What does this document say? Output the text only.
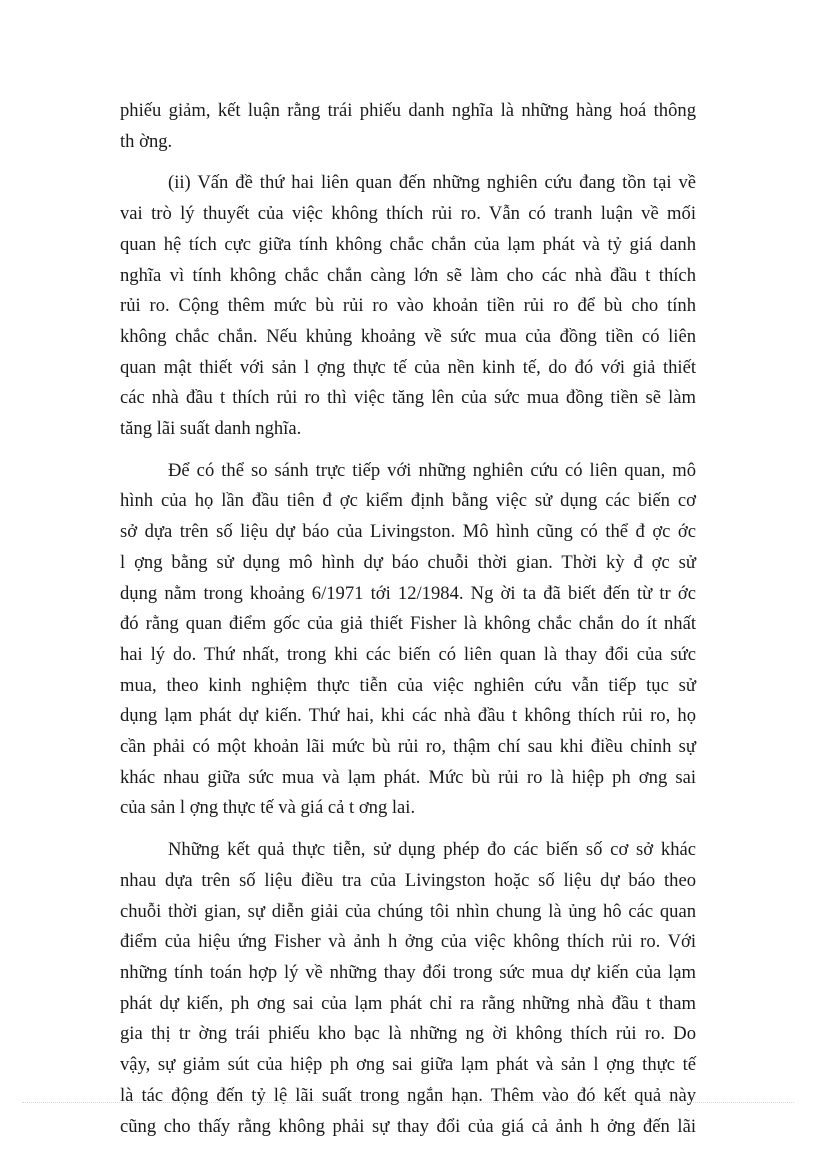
phiếu giảm, kết luận rằng trái phiếu danh nghĩa là những hàng hoá thông
th ờng.

(ii) Vấn đề thứ hai liên quan đến những nghiên cứu đang tồn tại về
vai trò lý thuyết của việc không thích rủi ro. Vẫn có tranh luận về mối
quan hệ tích cực giữa tính không chắc chắn của lạm phát và tỷ giá danh
nghĩa vì tính không chắc chắn càng lớn sẽ làm cho các nhà đầu t thích
rủi ro. Cộng thêm mức bù rủi ro vào khoản tiền rủi ro để bù cho tính
không chắc chắn. Nếu khủng khoảng về sức mua của đồng tiền có liên
quan mật thiết với sản l ợng thực tế của nền kinh tế, do đó với giả thiết
các nhà đầu t thích rủi ro thì việc tăng lên của sức mua đồng tiền sẽ làm
tăng lãi suất danh nghĩa.

Để có thể so sánh trực tiếp với những nghiên cứu có liên quan, mô
hình của họ lần đầu tiên đ ợc kiểm định bằng việc sử dụng các biến cơ
sở dựa trên số liệu dự báo của Livingston. Mô hình cũng có thể đ ợc ớc
l ợng bằng sử dụng mô hình dự báo chuỗi thời gian. Thời kỳ đ ợc sử
dụng nằm trong khoảng 6/1971 tới 12/1984. Ng ời ta đã biết đến từ tr ớc
đó rằng quan điểm gốc của giả thiết Fisher là không chắc chắn do ít nhất
hai lý do. Thứ nhất, trong khi các biến có liên quan là thay đổi của sức
mua, theo kinh nghiệm thực tiễn của việc nghiên cứu vẫn tiếp tục sử
dụng lạm phát dự kiến. Thứ hai, khi các nhà đầu t không thích rủi ro, họ
cần phải có một khoản lãi mức bù rủi ro, thậm chí sau khi điều chỉnh sự
khác nhau giữa sức mua và lạm phát. Mức bù rủi ro là hiệp ph ơng sai
của sản l ợng thực tế và giá cả t ơng lai.

Những kết quả thực tiễn, sử dụng phép đo các biến số cơ sở khác
nhau dựa trên số liệu điều tra của Livingston hoặc số liệu dự báo theo
chuỗi thời gian, sự diễn giải của chúng tôi nhìn chung là ủng hô các quan
điểm của hiệu ứng Fisher và ảnh h ởng của việc không thích rủi ro. Với
những tính toán hợp lý về những thay đổi trong sức mua dự kiến của lạm
phát dự kiến, ph ơng sai của lạm phát chỉ ra rằng những nhà đầu t tham
gia thị tr ờng trái phiếu kho bạc là những ng ời không thích rủi ro. Do
vậy, sự giảm sút của hiệp ph ơng sai giữa lạm phát và sản l ợng thực tế
là tác động đến tỷ lệ lãi suất trong ngắn hạn. Thêm vào đó kết quả này
cũng cho thấy rằng không phải sự thay đổi của giá cả ảnh h ởng đến lãi
